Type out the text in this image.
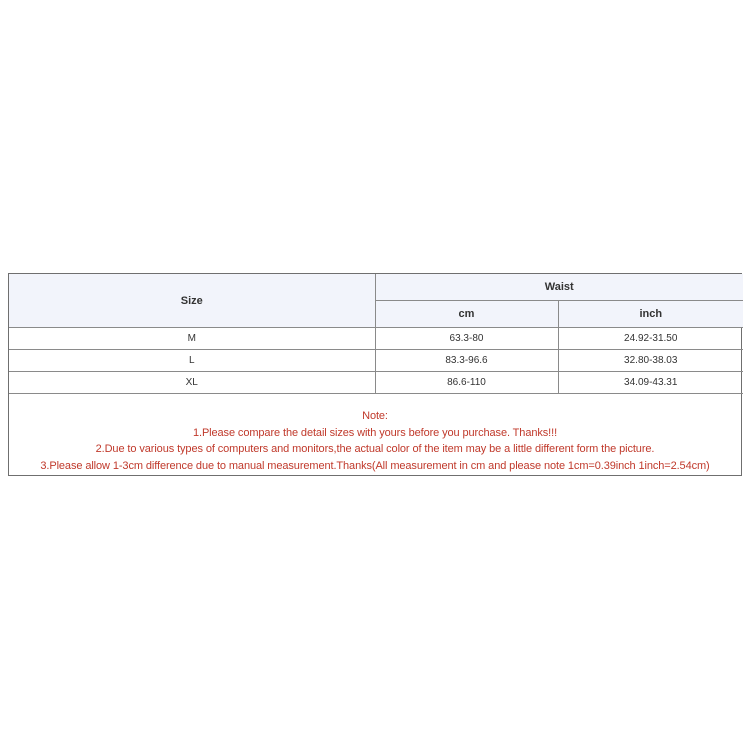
Size	Waist	
	cm	inch
M	63.3-80	24.92-31.50
L	83.3-96.6	32.80-38.03
XL	86.6-110	34.09-43.31
Note:
1.Please compare the detail sizes with yours before you purchase. Thanks!!!
2.Due to various types of computers and monitors,the actual color of the item may be a little different form the picture.
3.Please allow 1-3cm difference due to manual measurement.Thanks(All measurement in cm and please note 1cm=0.39inch 1inch=2.54cm)
